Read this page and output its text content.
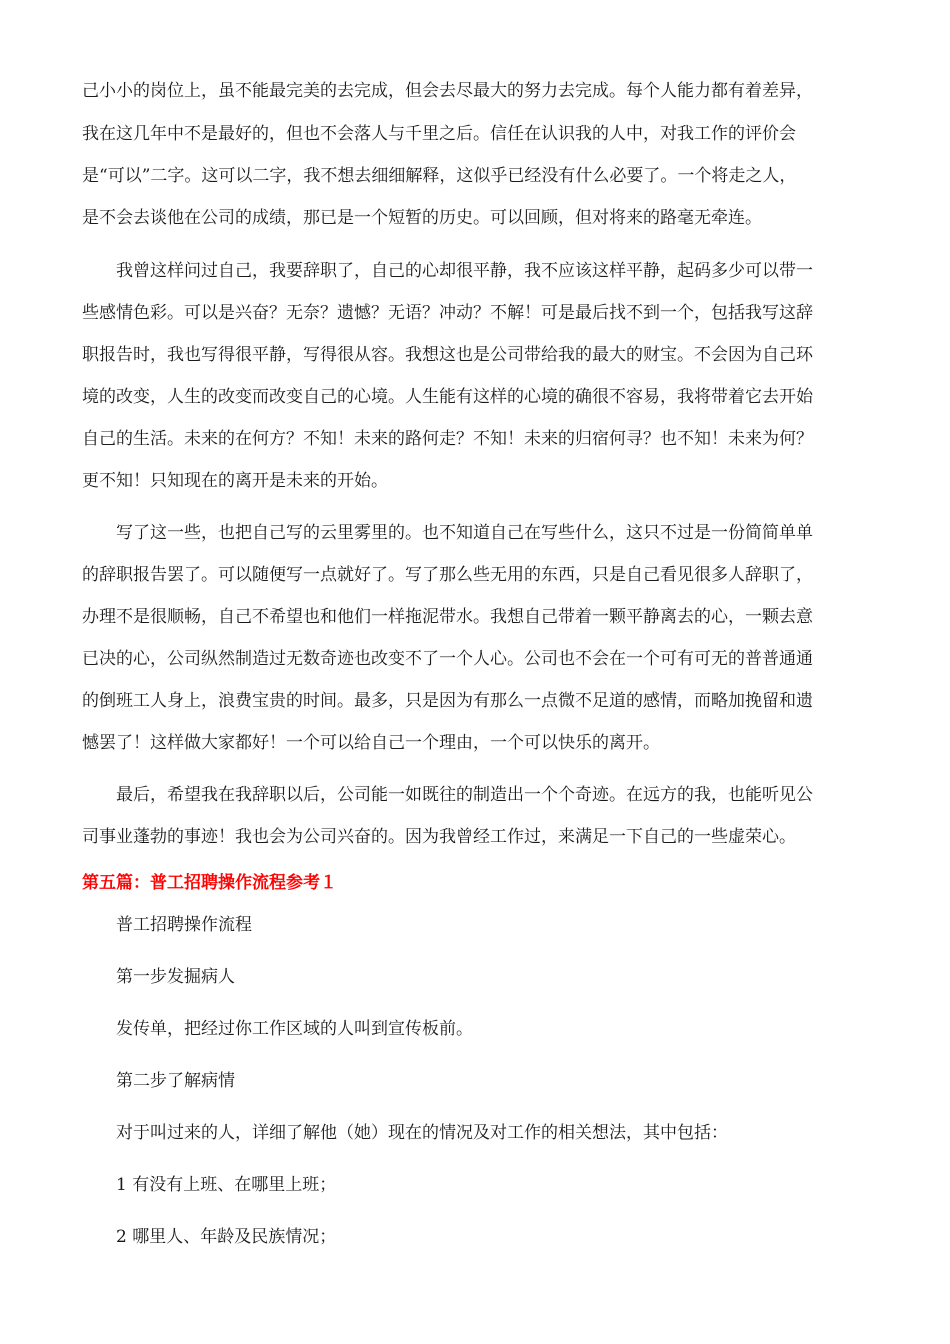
己小小的岗位上，虽不能最完美的去完成，但会去尽最大的努力去完成。每个人能力都有着差异，
我在这几年中不是最好的，但也不会落人与千里之后。信任在认识我的人中，对我工作的评价会
是“可以”二字。这可以二字，我不想去细细解释，这似乎已经没有什么必要了。一个将走之人，
是不会去谈他在公司的成绩，那已是一个短暂的历史。可以回顾，但对将来的路毫无牵连。
我曾这样问过自己，我要辞职了，自己的心却很平静，我不应该这样平静，起码多少可以带一
些感情色彩。可以是兴奋？无奈？遗憾？无语？冲动？不解！可是最后找不到一个，包括我写这辞
职报告时，我也写得很平静，写得很从容。我想这也是公司带给我的最大的财宝。不会因为自己环
境的改变，人生的改变而改变自己的心境。人生能有这样的心境的确很不容易，我将带着它去开始
自己的生活。未来的在何方？不知！未来的路何走？不知！未来的归宿何寻？也不知！未来为何？
更不知！只知现在的离开是未来的开始。
写了这一些，也把自己写的云里雾里的。也不知道自己在写些什么，这只不过是一份简简单单
的辞职报告罢了。可以随便写一点就好了。写了那么些无用的东西，只是自己看见很多人辞职了，
办理不是很顺畅，自己不希望也和他们一样拖泥带水。我想自己带着一颗平静离去的心，一颗去意
已决的心，公司纵然制造过无数奇迹也改变不了一个人心。公司也不会在一个可有可无的普普通通
的倒班工人身上，浪费宝贵的时间。最多，只是因为有那么一点微不足道的感情，而略加挽留和遗
憾罢了！这样做大家都好！一个可以给自己一个理由，一个可以快乐的离开。
最后，希望我在我辞职以后，公司能一如既往的制造出一个个奇迹。在远方的我，也能听见公
司事业蓬勃的事迹！我也会为公司兴奋的。因为我曾经工作过，来满足一下自己的一些虚荣心。
第五篇：普工招聘操作流程参考１
普工招聘操作流程
第一步发掘病人
发传单，把经过你工作区域的人叫到宣传板前。
第二步了解病情
对于叫过来的人，详细了解他（她）现在的情况及对工作的相关想法，其中包括：
1 有没有上班、在哪里上班；
2 哪里人、年龄及民族情况；
